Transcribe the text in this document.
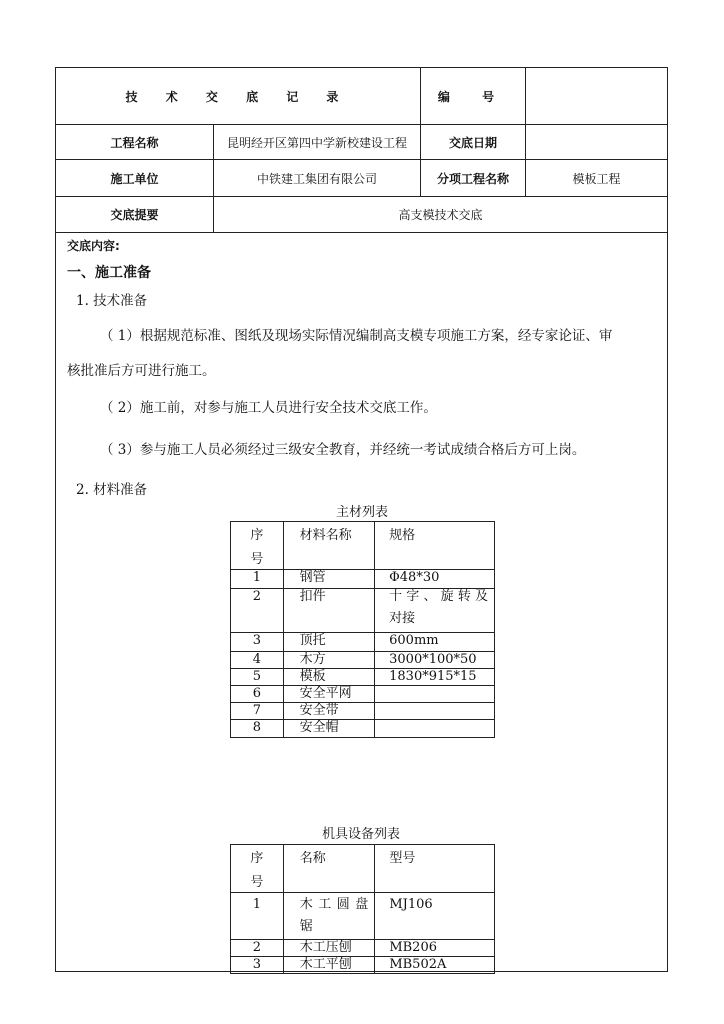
技 术 交 底 记 录		编 号	
工程名称	昆明经开区第四中学新校建设工程	交底日期	
施工单位	中铁建工集团有限公司	分项工程名称	模板工程
交底提要	高支模技术交底		
交底内容:
一、施工准备
1. 技术准备
（ 1）根据规范标准、图纸及现场实际情况编制高支模专项施工方案，经专家论证、审
核批准后方可进行施工。
（ 2）施工前，对参与施工人员进行安全技术交底工作。
（ 3）参与施工人员必须经过三级安全教育，并经统一考试成绩合格后方可上岗。
2. 材料准备
主材列表
序
号	材料名称	规格
1	钢管	Φ48*30
2	扣件	十字、旋转及
对接

3	顶托	600mm
4	木方	3000*100*50
5	模板	1830*915*15
6	安全平网	
7	安全带	
8	安全帽	
机具设备列表
序
号	名称	型号
1	木工圆盘
锯	MJ106
2	木工压刨	MB206
3	木工平刨	MB502A
